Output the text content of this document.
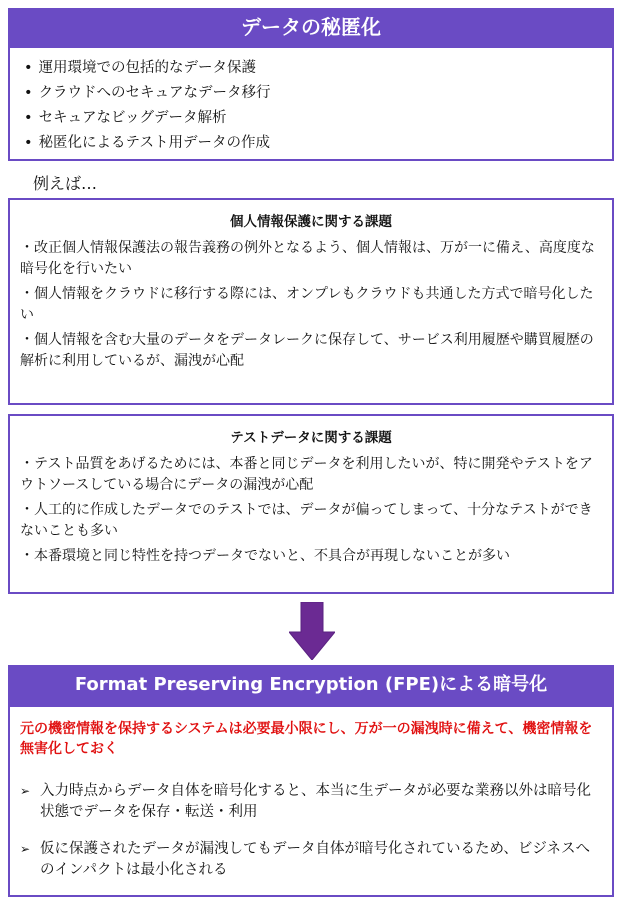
データの秘匿化
• 運用環境での包括的なデータ保護
• クラウドへのセキュアなデータ移行
• セキュアなビッグデータ解析
• 秘匿化によるテスト用データの作成
例えば…
個人情報保護に関する課題
・改正個人情報保護法の報告義務の例外となるよう、個人情報は、万が一に備え、高度度な暗号化を行いたい
・個人情報をクラウドに移行する際には、オンプレもクラウドも共通した方式で暗号化したい
・個人情報を含む大量のデータをデータレークに保存して、サービス利用履歴や購買履歴の解析に利用しているが、漏洩が心配
テストデータに関する課題
・テスト品質をあげるためには、本番と同じデータを利用したいが、特に開発やテストをアウトソースしている場合にデータの漏洩が心配
・人工的に作成したデータでのテストでは、データが偏ってしまって、十分なテストができないことも多い
・本番環境と同じ特性を持つデータでないと、不具合が再現しないことが多い
Format Preserving Encryption (FPE)による暗号化
元の機密情報を保持するシステムは必要最小限にし、万が一の漏洩時に備えて、機密情報を無害化しておく
➢ 入力時点からデータ自体を暗号化すると、本当に生データが必要な業務以外は暗号化状態でデータを保存・転送・利用
➢ 仮に保護されたデータが漏洩してもデータ自体が暗号化されているため、ビジネスへのインパクトは最小化される
